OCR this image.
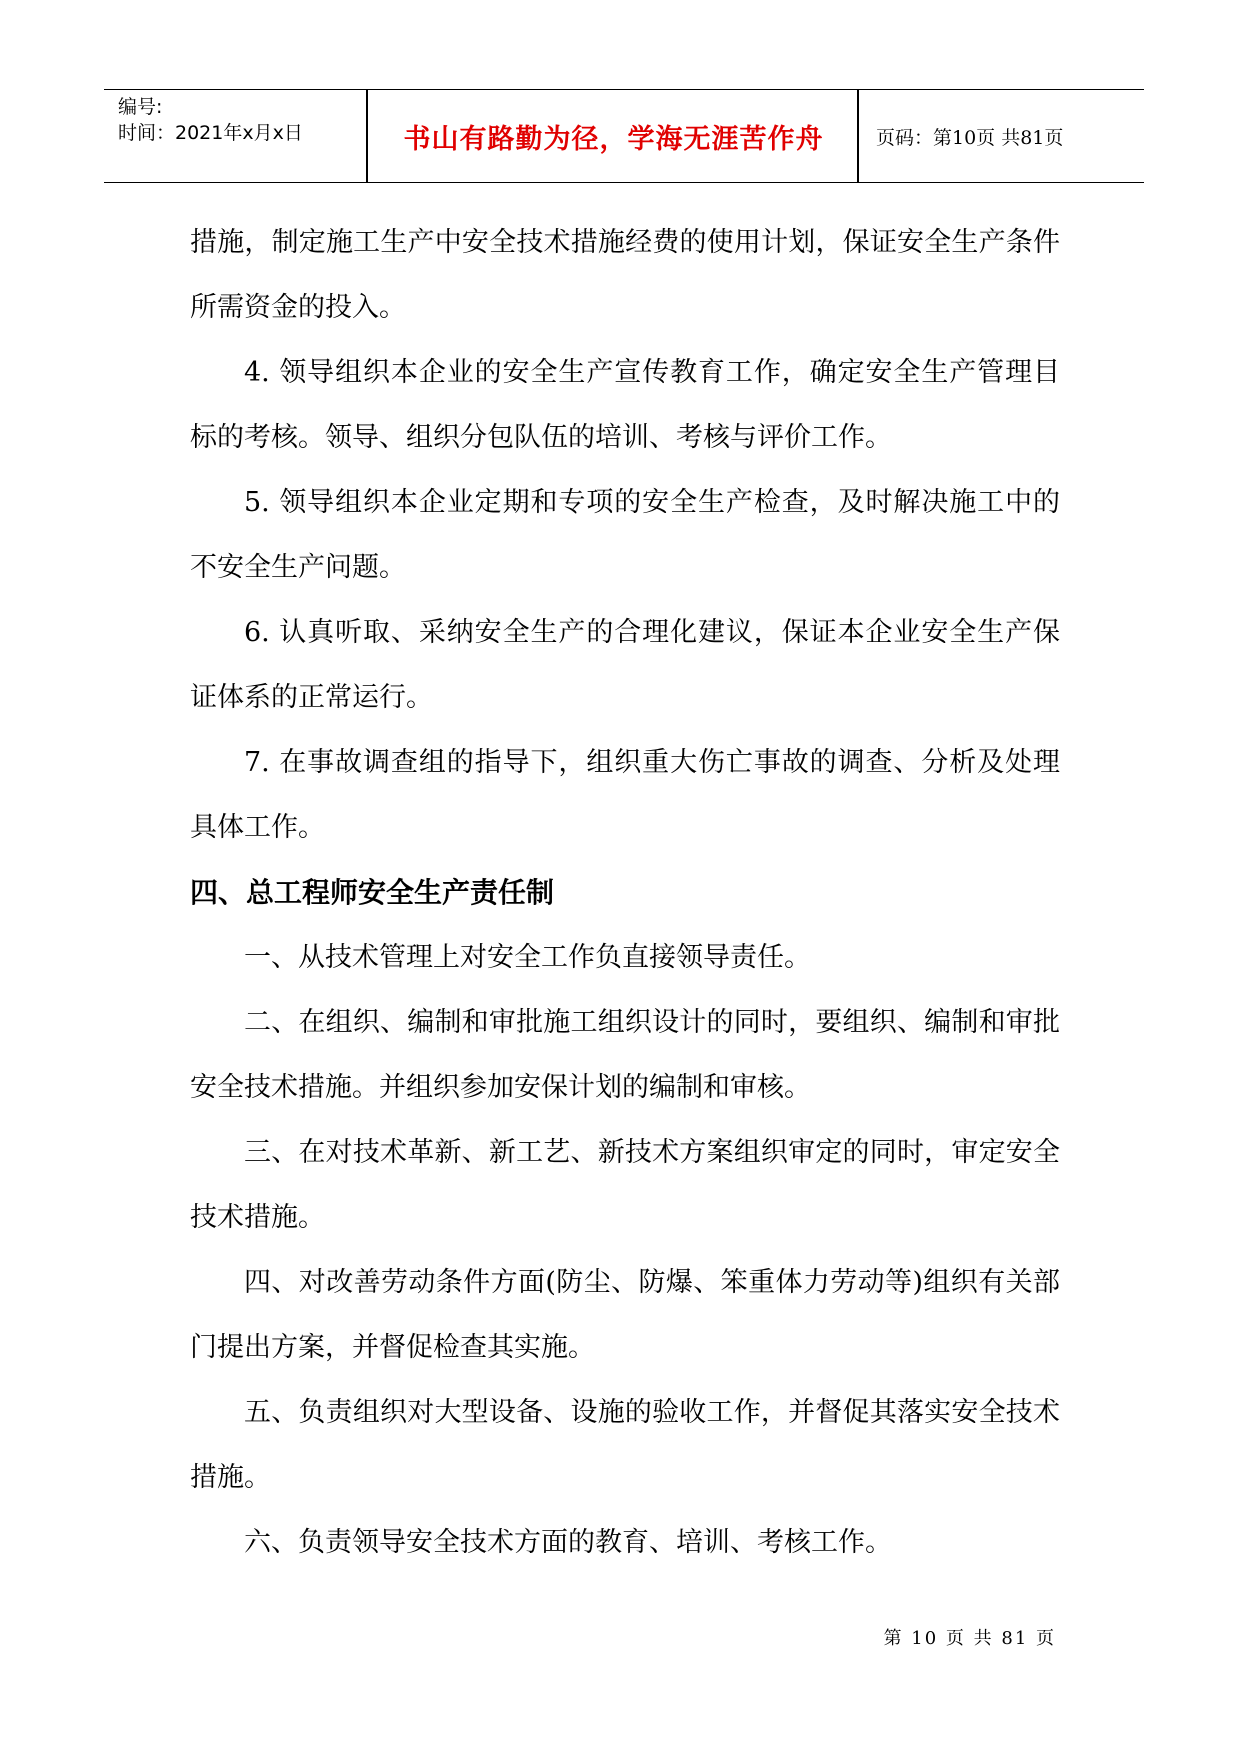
编号:
时间：2021年x月x日	书山有路勤为径，学海无涯苦作舟	页码：第10页 共81页

措施，制定施工生产中安全技术措施经费的使用计划，保证安全生产条件所需资金的投入。

4. 领导组织本企业的安全生产宣传教育工作，确定安全生产管理目标的考核。领导、组织分包队伍的培训、考核与评价工作。

5. 领导组织本企业定期和专项的安全生产检查，及时解决施工中的不安全生产问题。

6. 认真听取、采纳安全生产的合理化建议，保证本企业安全生产保证体系的正常运行。

7. 在事故调查组的指导下，组织重大伤亡事故的调查、分析及处理具体工作。

四、总工程师安全生产责任制

一、从技术管理上对安全工作负直接领导责任。

二、在组织、编制和审批施工组织设计的同时，要组织、编制和审批安全技术措施。并组织参加安保计划的编制和审核。

三、在对技术革新、新工艺、新技术方案组织审定的同时，审定安全技术措施。

四、对改善劳动条件方面(防尘、防爆、笨重体力劳动等)组织有关部门提出方案，并督促检查其实施。

五、负责组织对大型设备、设施的验收工作，并督促其落实安全技术措施。

六、负责领导安全技术方面的教育、培训、考核工作。

第 10 页 共 81 页
